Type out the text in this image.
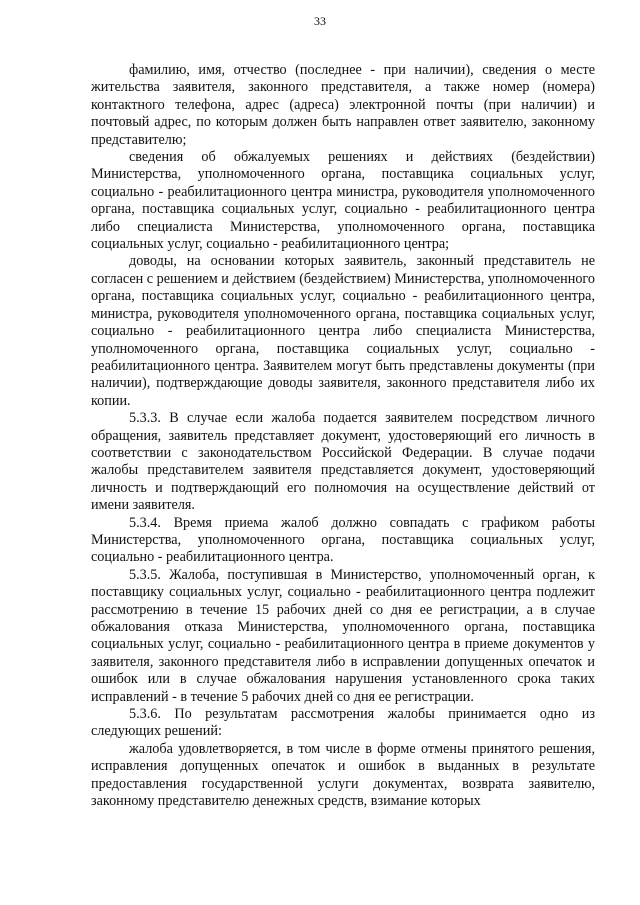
33

фамилию, имя, отчество (последнее - при наличии), сведения о месте жительства заявителя, законного представителя, а также номер (номера) контактного телефона, адрес (адреса) электронной почты (при наличии) и почтовый адрес, по которым должен быть направлен ответ заявителю, законному представителю;

сведения об обжалуемых решениях и действиях (бездействии) Министерства, уполномоченного органа, поставщика социальных услуг, социально - реабилитационного центра министра, руководителя уполномоченного органа, поставщика социальных услуг, социально - реабилитационного центра либо специалиста Министерства, уполномоченного органа, поставщика социальных услуг, социально - реабилитационного центра;

доводы, на основании которых заявитель, законный представитель не согласен с решением и действием (бездействием) Министерства, уполномоченного органа, поставщика социальных услуг, социально - реабилитационного центра, министра, руководителя уполномоченного органа, поставщика социальных услуг, социально - реабилитационного центра либо специалиста Министерства, уполномоченного органа, поставщика социальных услуг, социально - реабилитационного центра. Заявителем могут быть представлены документы (при наличии), подтверждающие доводы заявителя, законного представителя либо их копии.

5.3.3. В случае если жалоба подается заявителем посредством личного обращения, заявитель представляет документ, удостоверяющий его личность в соответствии с законодательством Российской Федерации. В случае подачи жалобы представителем заявителя представляется документ, удостоверяющий личность и подтверждающий его полномочия на осуществление действий от имени заявителя.

5.3.4. Время приема жалоб должно совпадать с графиком работы Министерства, уполномоченного органа, поставщика социальных услуг, социально - реабилитационного центра.

5.3.5. Жалоба, поступившая в Министерство, уполномоченный орган, к поставщику социальных услуг, социально - реабилитационного центра подлежит рассмотрению в течение 15 рабочих дней со дня ее регистрации, а в случае обжалования отказа Министерства, уполномоченного органа, поставщика социальных услуг, социально - реабилитационного центра в приеме документов у заявителя, законного представителя либо в исправлении допущенных опечаток и ошибок или в случае обжалования нарушения установленного срока таких исправлений - в течение 5 рабочих дней со дня ее регистрации.

5.3.6. По результатам рассмотрения жалобы принимается одно из следующих решений:

жалоба удовлетворяется, в том числе в форме отмены принятого решения, исправления допущенных опечаток и ошибок в выданных в результате предоставления государственной услуги документах, возврата заявителю, законному представителю денежных средств, взимание которых
